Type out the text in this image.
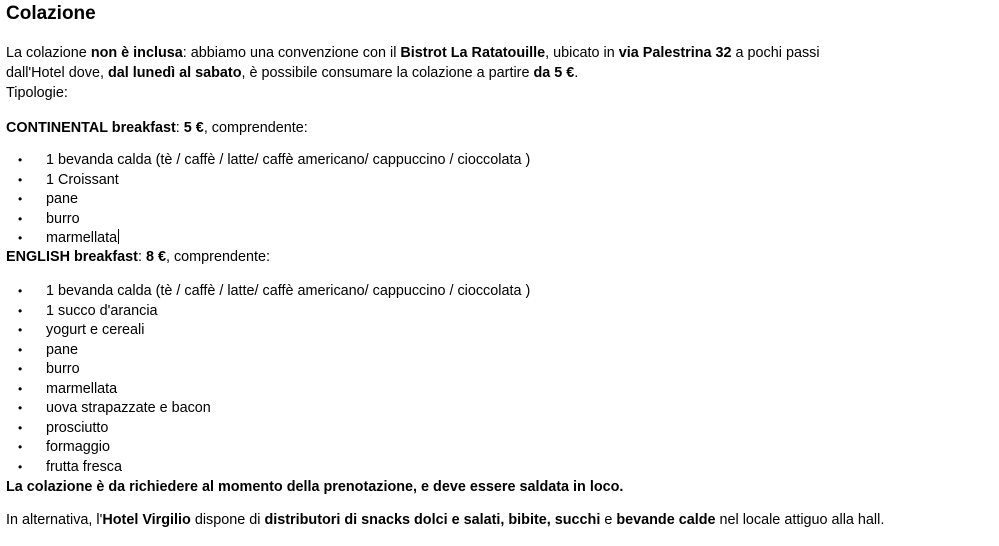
Colazione
La colazione non è inclusa: abbiamo una convenzione con il Bistrot La Ratatouille, ubicato in via Palestrina 32 a pochi passi
dall'Hotel dove, dal lunedì al sabato, è possibile consumare la colazione a partire da 5 €.
Tipologie:
CONTINENTAL breakfast: 5 €, comprendente:
• 1 bevanda calda (tè / caffè / latte/ caffè americano/ cappuccino / cioccolata )
• 1 Croissant
• pane
• burro
• marmellata
ENGLISH breakfast: 8 €, comprendente:
• 1 bevanda calda (tè / caffè / latte/ caffè americano/ cappuccino / cioccolata )
• 1 succo d'arancia
• yogurt e cereali
• pane
• burro
• marmellata
• uova strapazzate e bacon
• prosciutto
• formaggio
• frutta fresca
La colazione è da richiedere al momento della prenotazione, e deve essere saldata in loco.
In alternativa, l'Hotel Virgilio dispone di distributori di snacks dolci e salati, bibite, succhi e bevande calde nel locale attiguo alla hall.
